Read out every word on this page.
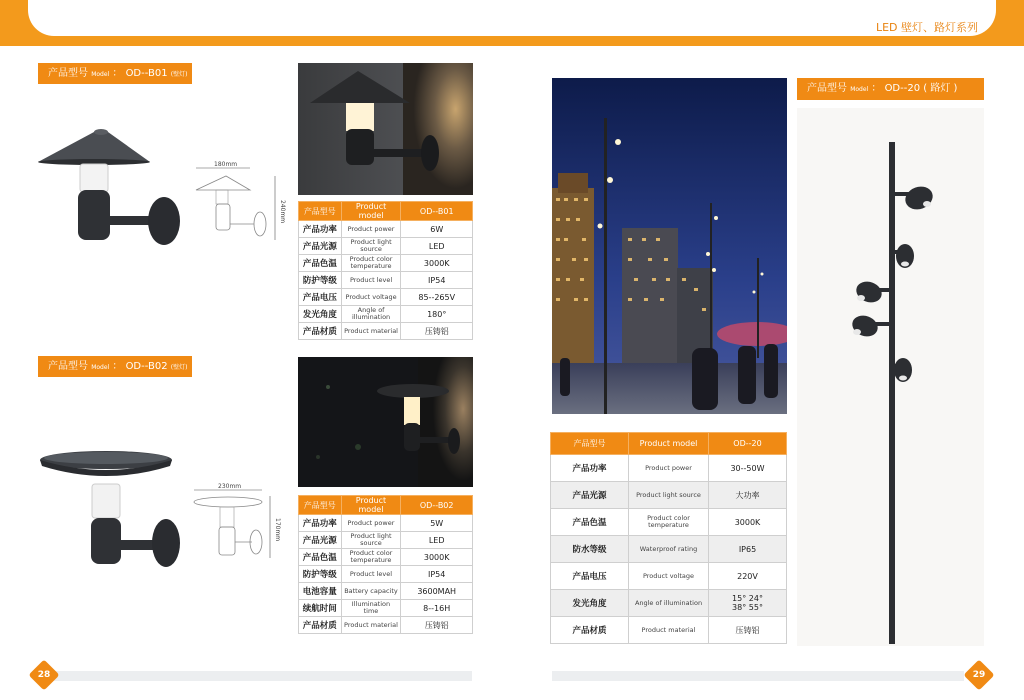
LED 壁灯、路灯系列
产品型号 Model ： OD--B01 (壁灯)
180mm
240mm 产品型号	Product model	OD--B01
产品功率	Product power	6W
产品光源	Product light source	LED
产品色温	Product color temperature	3000K
防护等级	Product level	IP54
产品电压	Product voltage	85--265V
发光角度	Angle of illumination	180°
产品材质	Product material	压铸铝
产品型号 Model ： OD--B02 (壁灯)
230mm
170mm
产品型号	Product model	OD--B02
产品功率	Product power	5W
产品光源	Product light source	LED
产品色温	Product color temperature	3000K
防护等级	Product level	IP54
电池容量	Battery capacity	3600MAH
续航时间	Illumination time	8--16H
产品材质	Product material	压铸铝
产品型号 Model ： OD--20 ( 路灯 )
产品型号	Product model	OD--20
产品功率	Product power	30--50W
产品光源	Product light source	大功率
产品色温	Product color temperature	3000K
防水等级	Waterproof rating	IP65
产品电压	Product voltage	220V
发光角度	Angle of illumination	15° 24°
38° 55°
产品材质	Product material	压铸铝
28	29
